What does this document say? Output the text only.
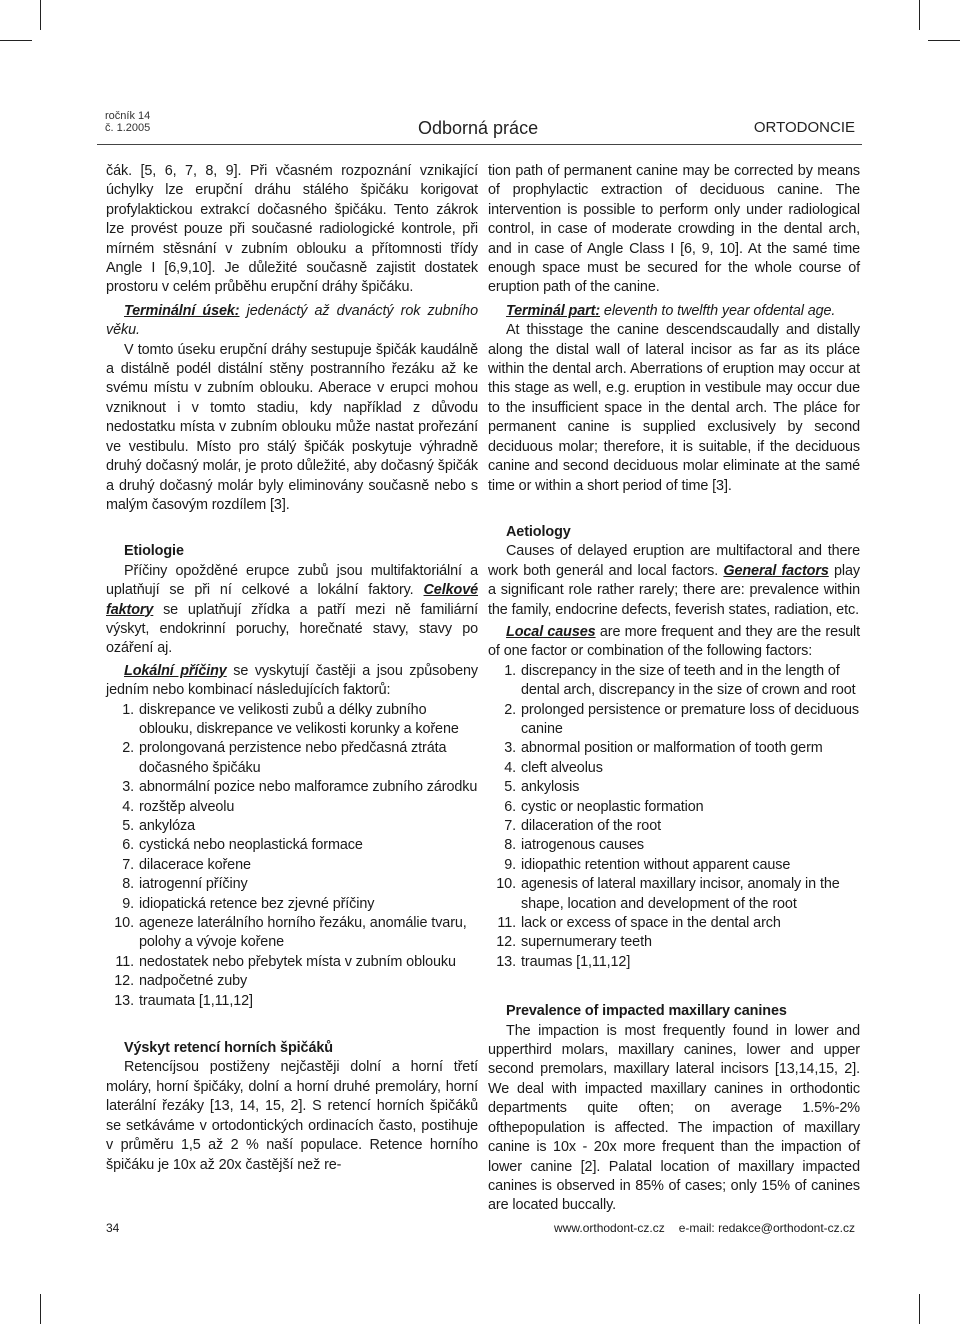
ročník 14
č. 1.2005	Odborná práce	ORTODONCIE

čák. [5, 6, 7, 8, 9]. Při včasném rozpoznání vznikající úchylky lze erupční dráhu stálého špičáku korigovat profylaktickou extrakcí dočasného špičáku. Tento zákrok lze provést pouze při současné radiologické kontrole, při mírném stěsnání v zubním oblouku a přítomnosti třídy Angle I [6,9,10]. Je důležité současně zajistit dostatek prostoru v celém průběhu erupční dráhy špičáku.

Terminální úsek: jedenáctý až dvanáctý rok zubního věku.

V tomto úseku erupční dráhy sestupuje špičák kaudálně a distálně podél distální stěny postranního řezáku až ke svému místu v zubním oblouku. Aberace v erupci mohou vzniknout i v tomto stadiu, kdy například z důvodu nedostatku místa v zubním oblouku může nastat prořezání ve vestibulu. Místo pro stálý špičák poskytuje výhradně druhý dočasný molár, je proto důležité, aby dočasný špičák a druhý dočasný molár byly eliminovány současně nebo s malým časovým rozdílem [3].

Etiologie

Příčiny opožděné erupce zubů jsou multifaktoriální a uplatňují se při ní celkové a lokální faktory. Celkové faktory se uplatňují zřídka a patří mezi ně familiární výskyt, endokrinní poruchy, horečnaté stavy, stavy po ozáření aj.

Lokální příčiny se vyskytují častěji a jsou způsobeny jedním nebo kombinací následujících faktorů:

1. diskrepance ve velikosti zubů a délky zubního oblouku, diskrepance ve velikosti korunky a kořene
2. prolongovaná perzistence nebo předčasná ztráta dočasného špičáku
3. abnormální pozice nebo malforamce zubního zárodku
4. rozštěp alveolu
5. ankylóza
6. cystická nebo neoplastická formace
7. dilacerace kořene
8. iatrogenní příčiny
9. idiopatická retence bez zjevné příčiny
10. ageneze laterálního horního řezáku, anomálie tvaru, polohy a vývoje kořene
11. nedostatek nebo přebytek místa v zubním oblouku
12. nadpočetné zuby
13. traumata [1,11,12]

Výskyt retencí horních špičáků

Retencíjsou postiženy nejčastěji dolní a horní třetí moláry, horní špičáky, dolní a horní druhé premoláry, horní laterální řezáky [13, 14, 15, 2]. S retencí horních špičáků se setkáváme v ortodontických ordinacích často, postihuje v průměru 1,5 až 2 % naší populace. Retence horního špičáku je 10x až 20x častější než re-

tion path of permanent canine may be corrected by means of prophylactic extraction of deciduous canine. The intervention is possible to perform only under radiological control, in case of moderate crowding in the dental arch, and in case of Angle Class I [6, 9, 10]. At the samé time enough space must be secured for the whole course of eruption path of the canine.

Terminál part: eleventh to twelfth year ofdental age.

At thisstage the canine descendscaudally and distally along the distal wall of lateral incisor as far as its pláce within the dental arch. Aberrations of eruption may occur at this stage as well, e.g. eruption in vestibule may occur due to the insufficient space in the dental arch. The pláce for permanent canine is supplied exclusively by second deciduous molar; therefore, it is suitable, if the deciduous canine and second deciduous molar eliminate at the samé time or within a short period of time [3].

Aetiology

Causes of delayed eruption are multifactoral and there work both generál and local factors. General factors play a significant role rather rarely; there are: prevalence within the family, endocrine defects, feverish states, radiation, etc.

Local causes are more frequent and they are the result of one factor or combination of the following factors:

1. discrepancy in the size of teeth and in the length of dental arch, discrepancy in the size of crown and root
2. prolonged persistence or premature loss of deciduous canine
3. abnormal position or malformation of tooth germ
4. cleft alveolus
5. ankylosis
6. cystic or neoplastic formation
7. dilaceration of the root
8. iatrogenous causes
9. idiopathic retention without apparent cause
10. agenesis of lateral maxillary incisor, anomaly in the shape, location and development of the root
11. lack or excess of space in the dental arch
12. supernumerary teeth
13. traumas [1,11,12]

Prevalence of impacted maxillary canines

The impaction is most frequently found in lower and upperthird molars, maxillary canines, lower and upper second premolars, maxillary lateral incisors [13,14,15, 2]. We deal with impacted maxillary canines in orthodontic departments quite often; on average 1.5%-2% ofthepopulation is affected. The impaction of maxillary canine is 10x - 20x more frequent than the impaction of lower canine [2]. Palatal location of maxillary impacted canines is observed in 85% of cases; only 15% of canines are located buccally.

34	www.orthodont-cz.cz e-mail: redakce@orthodont-cz.cz
